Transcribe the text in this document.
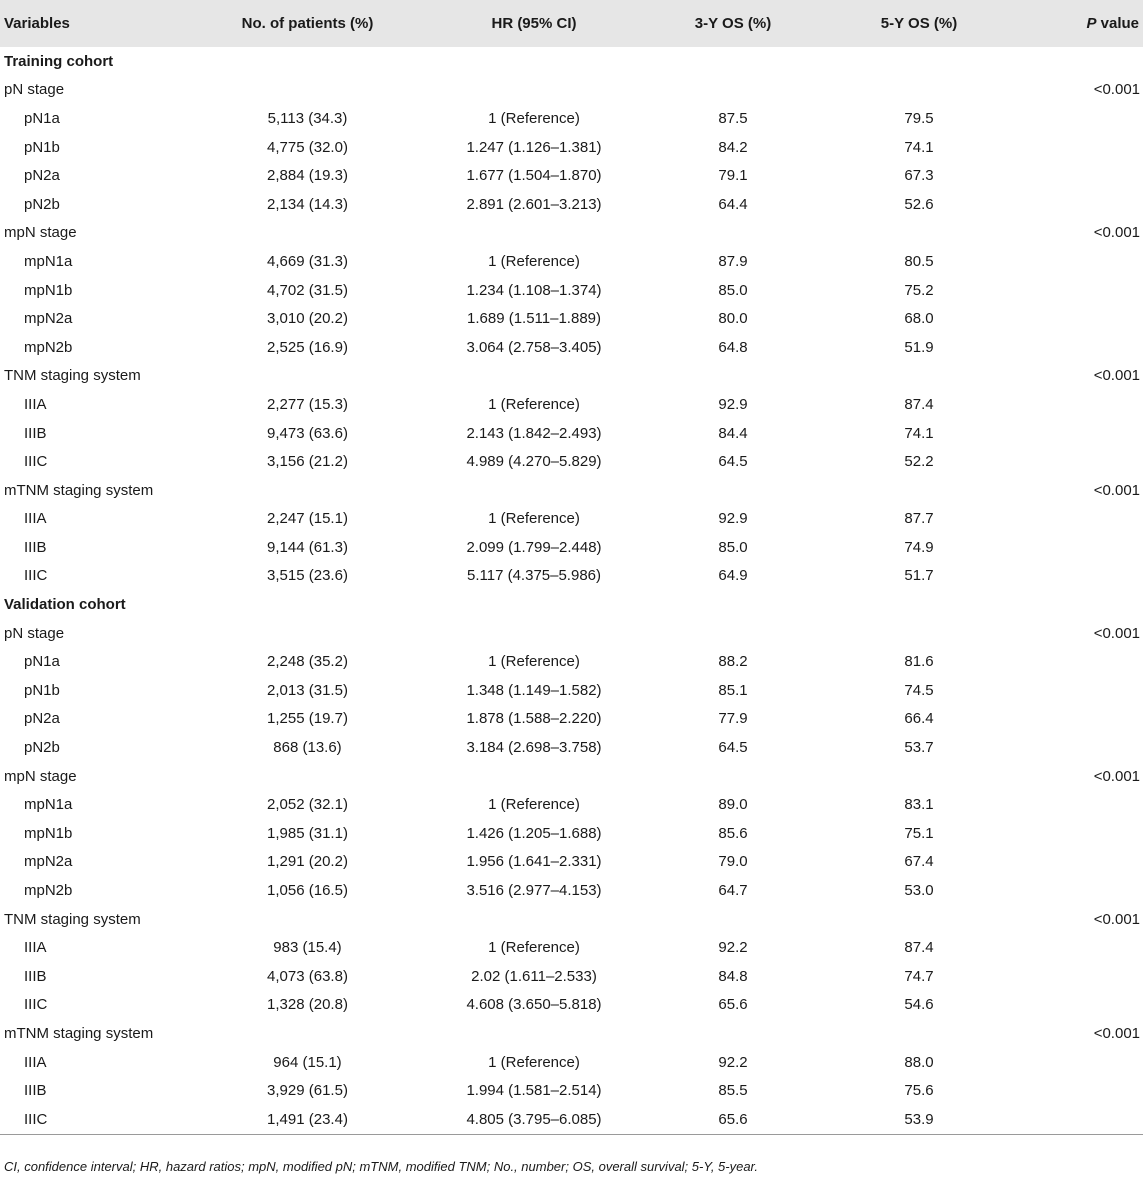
Variables	No. of patients (%)	HR (95% CI)	3-Y OS (%)	5-Y OS (%)	P value
Training cohort					
pN stage					<0.001
pN1a	5,113 (34.3)	1 (Reference)	87.5	79.5	
pN1b	4,775 (32.0)	1.247 (1.126–1.381)	84.2	74.1	
pN2a	2,884 (19.3)	1.677 (1.504–1.870)	79.1	67.3	
pN2b	2,134 (14.3)	2.891 (2.601–3.213)	64.4	52.6	
mpN stage					<0.001
mpN1a	4,669 (31.3)	1 (Reference)	87.9	80.5	
mpN1b	4,702 (31.5)	1.234 (1.108–1.374)	85.0	75.2	
mpN2a	3,010 (20.2)	1.689 (1.511–1.889)	80.0	68.0	
mpN2b	2,525 (16.9)	3.064 (2.758–3.405)	64.8	51.9	
TNM staging system					<0.001
IIIA	2,277 (15.3)	1 (Reference)	92.9	87.4	
IIIB	9,473 (63.6)	2.143 (1.842–2.493)	84.4	74.1	
IIIC	3,156 (21.2)	4.989 (4.270–5.829)	64.5	52.2	
mTNM staging system					<0.001
IIIA	2,247 (15.1)	1 (Reference)	92.9	87.7	
IIIB	9,144 (61.3)	2.099 (1.799–2.448)	85.0	74.9	
IIIC	3,515 (23.6)	5.117 (4.375–5.986)	64.9	51.7	
Validation cohort					
pN stage					<0.001
pN1a	2,248 (35.2)	1 (Reference)	88.2	81.6	
pN1b	2,013 (31.5)	1.348 (1.149–1.582)	85.1	74.5	
pN2a	1,255 (19.7)	1.878 (1.588–2.220)	77.9	66.4	
pN2b	868 (13.6)	3.184 (2.698–3.758)	64.5	53.7	
mpN stage					<0.001
mpN1a	2,052 (32.1)	1 (Reference)	89.0	83.1	
mpN1b	1,985 (31.1)	1.426 (1.205–1.688)	85.6	75.1	
mpN2a	1,291 (20.2)	1.956 (1.641–2.331)	79.0	67.4	
mpN2b	1,056 (16.5)	3.516 (2.977–4.153)	64.7	53.0	
TNM staging system					<0.001
IIIA	983 (15.4)	1 (Reference)	92.2	87.4	
IIIB	4,073 (63.8)	2.02 (1.611–2.533)	84.8	74.7	
IIIC	1,328 (20.8)	4.608 (3.650–5.818)	65.6	54.6	
mTNM staging system					<0.001
IIIA	964 (15.1)	1 (Reference)	92.2	88.0	
IIIB	3,929 (61.5)	1.994 (1.581–2.514)	85.5	75.6	
IIIC	1,491 (23.4)	4.805 (3.795–6.085)	65.6	53.9	
CI, confidence interval; HR, hazard ratios; mpN, modified pN; mTNM, modified TNM; No., number; OS, overall survival; 5-Y, 5-year.
